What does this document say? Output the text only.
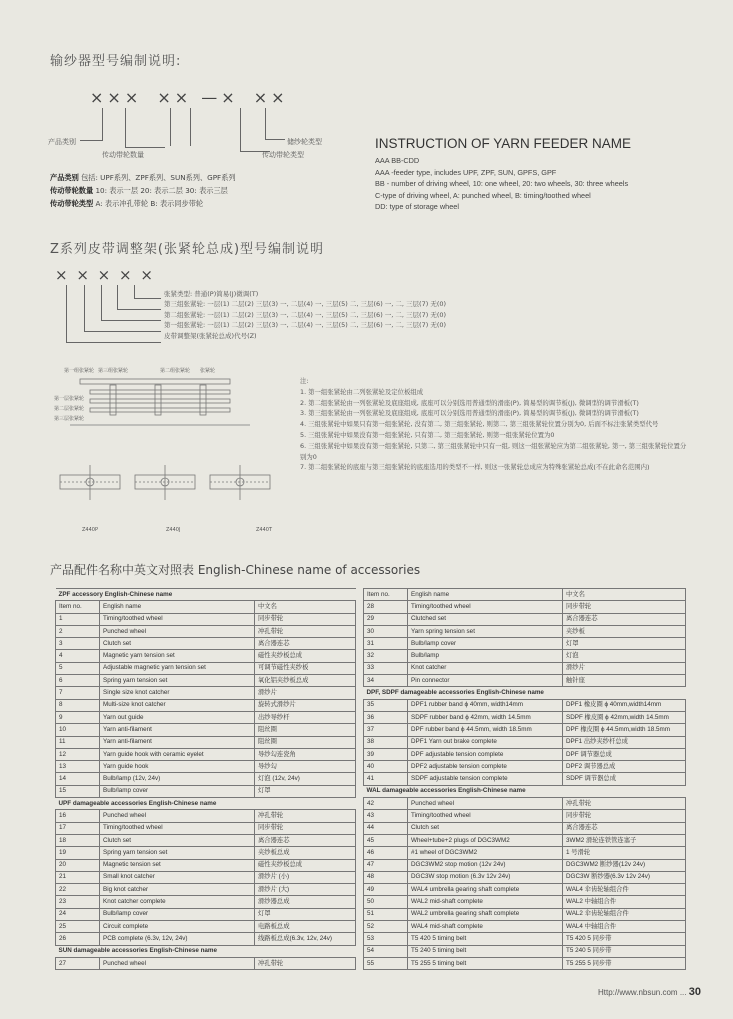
输纱器型号编制说明:
××× ×× —× ××
产品类别
传动带轮数量	传动带轮类型
储纱轮类型
产品类别 包括: UPF系列、ZPF系列、SUN系列、GPF系列
传动带轮数量 10: 表示一层 20: 表示二层 30: 表示三层
传动带轮类型 A: 表示冲孔带轮 B: 表示同步带轮
INSTRUCTION OF YARN FEEDER NAME
AAA BB-CDD
AAA -feeder type, includes UPF, ZPF, SUN, GPFS, GPF
BB - number of driving wheel, 10: one wheel, 20: two wheels, 30: three wheels
C-type of driving wheel, A: punched wheel, B: timing/toothed wheel
DD: type of storage wheel
Z系列皮带调整架(张紧轮总成)型号编制说明
× × × × ×
张紧类型: 普通(P)简易(J)微调(T)
第三组张紧轮: 一层(1) 二层(2) 三层(3) 一, 二层(4) 一, 三层(5) 二, 三层(6) 一, 二, 三层(7) 无(0)
第二组张紧轮: 一层(1) 二层(2) 三层(3) 一, 二层(4) 一, 三层(5) 二, 三层(6) 一, 二, 三层(7) 无(0)
第一组张紧轮: 一层(1) 二层(2) 三层(3) 一, 二层(4) 一, 三层(5) 二, 三层(6) 一, 二, 三层(7) 无(0)
皮带调整架(张紧轮总成)代号(Z)
第一组张紧轮 第三组张紧轮	第二组张紧轮 张紧轮
第一层张紧轮
第二层张紧轮
第三层张紧轮
Z440P	Z440J	Z440T
注:
1. 第一组张紧轮由二列张紧轮及定位板组成
2. 第二组张紧轮由一列张紧轮及底座组成, 底座可以分别选用普通型的滑座(P), 简易型的调节板(J), 微调型的调节滑板(T)
3. 第三组张紧轮由一列张紧轮及底座组成, 底座可以分别选用普通型的滑座(P), 简易型的调节板(J), 微调型的调节滑板(T)
4. 三组张紧轮中如果只有第一组张紧轮, 没有第二, 第三组张紧轮, 则第二, 第三组张紧轮位置分别为0, 后面不标注张紧类型代号
5. 三组张紧轮中如果没有第一组张紧轮, 只有第二, 第三组张紧轮, 则第一组张紧轮位置为0
6. 三组张紧轮中如果没有第一组张紧轮, 只第二, 第三组张紧轮中只有一组, 则这一组张紧轮应为第二组张紧轮, 第一, 第三组张紧轮位置分别为0
7. 第二组张紧轮的底座与第三组张紧轮的底座选用的类型不一样, 则这一张紧轮总成应为特殊张紧轮总成(不在此命名范围内)
产品配件名称中英文对照表 English-Chinese name of accessories
ZPF accessory English-Chinese name		
Item no.	English name	中文名
1	Timing/toothed wheel	同步带轮
2	Punched wheel	冲孔带轮
3	Clutch set	离合器连芯
4	Magnetic yarn tension set	磁性夹纱板总成
5	Adjustable magnetic yarn tension set	可调节磁性夹纱板
6	Spring yarn tension set	氧化铝夹纱板总成
7	Single size knot catcher	滑纱片
8	Multi-size knot catcher	旋转式滑纱片
9	Yarn out guide	出纱导纱杆
10	Yarn anti-filament	阻丝圈
11	Yarn anti-filament	阻丝圈
12	Yarn guide hook with ceramic eyelet	导纱勾连瓷角
13	Yarn guide hook	导纱勾
14	Bulb/lamp (12v, 24v)	灯泡 (12v, 24v)
15	Bulb/lamp cover	灯罩
UPF damageable accessories English-Chinese name		
16	Punched wheel	冲孔带轮
17	Timing/toothed wheel	同步带轮
18	Clutch set	离合器连芯
19	Spring yarn tension set	夹纱板总成
20	Magnetic tension set	磁性夹纱板总成
21	Small knot catcher	滑纱片 (小)
22	Big knot catcher	滑纱片 (大)
23	Knot catcher complete	滑纱器总成
24	Bulb/lamp cover	灯罩
25	Circuit complete	电路板总成
26	PCB complete (6.3v, 12v, 24v)	线路板总成(6.3v, 12v, 24v)
SUN damageable accessories English-Chinese name		
27	Punched wheel	冲孔带轮
Item no.	English name	中文名
28	Timing/toothed wheel	同步带轮
29	Clutched set	离合器连芯
30	Yarn spring tension set	夹纱板
31	Bulb/lamp cover	灯罩
32	Bulb/lamp	灯泡
33	Knot catcher	滑纱片
34	Pin connector	触针座
DPF, SDPF damageable accessories English-Chinese name		
35	DPF1 rubber band ϕ 40mm, width14mm	DPF1 橡皮圈 ϕ 40mm,width14mm
36	SDPF rubber band ϕ 42mm, width 14.5mm	SDPF 橡皮圈 ϕ 42mm,width 14.5mm
37	DPF rubber band ϕ 44.5mm, width 18.5mm	DPF 橡皮圈 ϕ 44.5mm,width 18.5mm
38	DPF1 Yarn out brake complete	DPF1 出纱夹纱杆总成
39	DPF adjustable tension complete	DPF 调节器总成
40	DPF2 adjustable tension complete	DPF2 调节器总成
41	SDPF adjustable tension complete	SDPF 调节器总成
WAL damageable accessories English-Chinese name		
42	Punched wheel	冲孔带轮
43	Timing/toothed wheel	同步带轮
44	Clutch set	离合器连芯
45	Wheel+tube+2 plugs of DGC3WM2	3WM2 滑轮连铁管连塞子
46	#1 wheel of DGC3WM2	1 号滑轮
47	DGC3WM2 stop motion (12v 24v)	DGC3WM2 断纱器(12v 24v)
48	DGC3W stop motion (6.3v 12v 24v)	DGC3W 断纱器(6.3v 12v 24v)
49	WAL4 umbrella gearing shaft complete	WAL4 伞齿轮轴组合件
50	WAL2 mid-shaft complete	WAL2 中轴组合件
51	WAL2 umbrella gearing shaft complete	WAL2 伞齿轮轴组合件
52	WAL4 mid-shaft complete	WAL4 中轴组合件
53	T5 420 5 timing belt	T5 420 5 同步带
54	T5 240 5 timing belt	T5 240 5 同步带
55	T5 255 5 timing belt	T5 255 5 同步带
Http://www.nbsun.com ... 30
